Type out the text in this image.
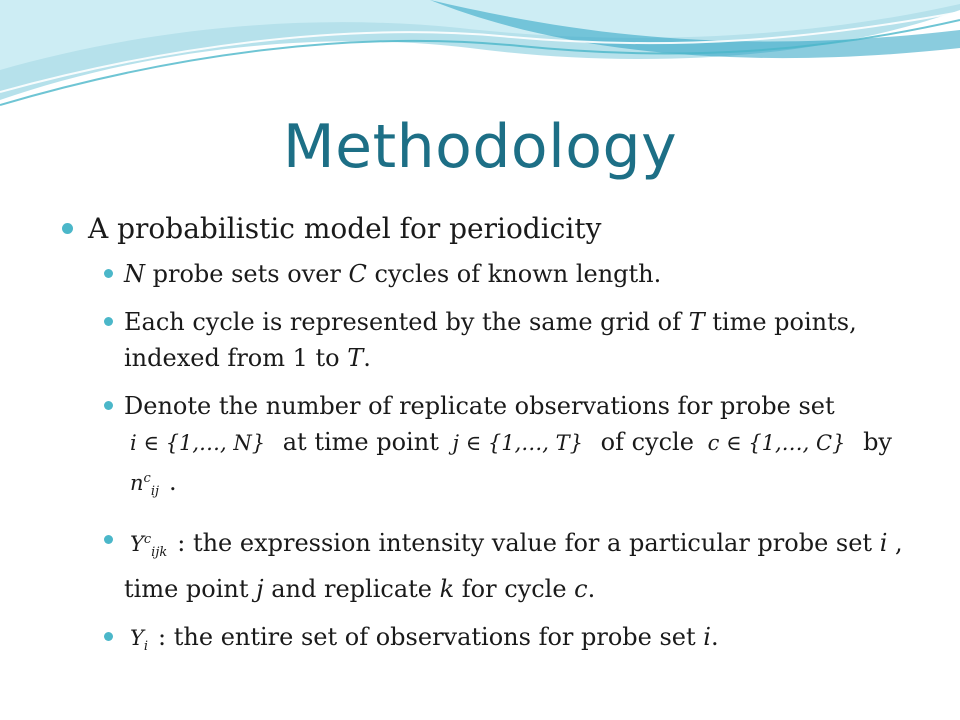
Methodology
A probabilistic model for periodicity
N probe sets over C cycles of known length.
Each cycle is represented by the same grid of T time points, indexed from 1 to T.
Denote the number of replicate observations for probe set i ∈ {1,…, N} at time point j ∈ {1,…, T} of cycle c ∈ {1,…, C} by $n^c_{ij}$ .
$Y^c_{ijk}$ : the expression intensity value for a particular probe set i , time point j and replicate k for cycle c.
$Y_i$ : the entire set of observations for probe set i.
